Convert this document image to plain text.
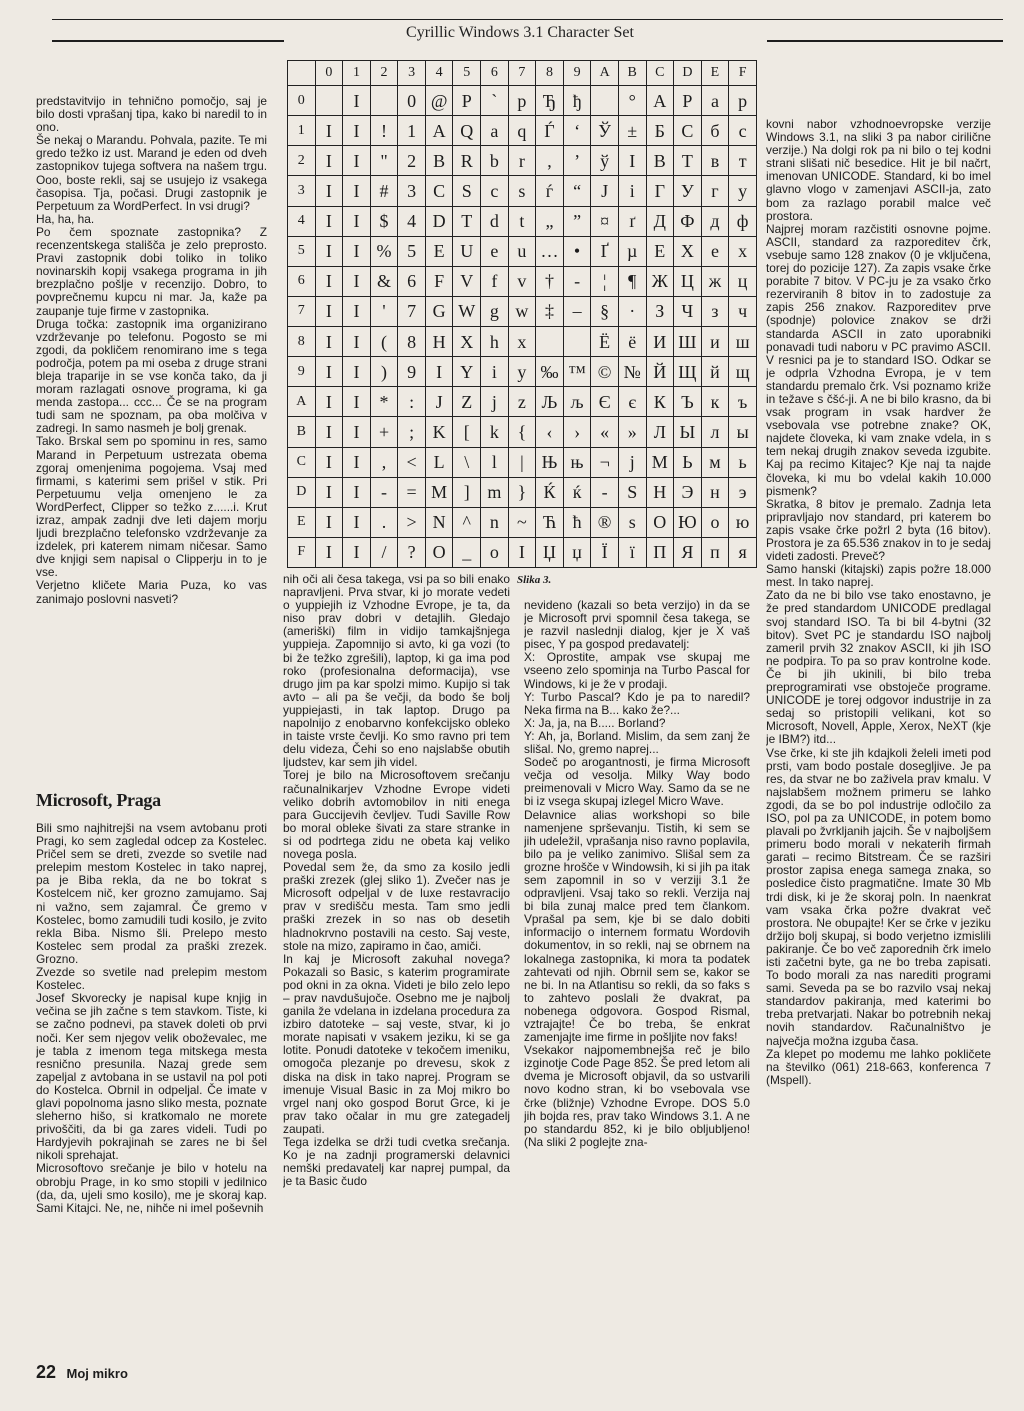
Cyrillic Windows 3.1 Character Set
	0	1	2	3	4	5	6	7	8	9	A	B	C	D	E	F
0		I		0	@	P	`	p	Ђ	ђ		°	А	Р	а	р
1	I	I	!	1	A	Q	a	q	Ѓ	‘	Ў	±	Б	С	б	с
2	I	I	"	2	B	R	b	r	,	’	ў	І	В	Т	в	т
3	I	I	#	3	C	S	c	s	ѓ	“	Ј	і	Г	У	г	у
4	I	I	$	4	D	T	d	t	„	”	¤	ґ	Д	Ф	д	ф
5	I	I	%	5	E	U	e	u	…	•	Ґ	µ	Е	Х	е	х
6	I	I	&	6	F	V	f	v	†	-	¦	¶	Ж	Ц	ж	ц
7	I	I	'	7	G	W	g	w	‡	–	§	·	З	Ч	з	ч
8	I	I	(	8	H	X	h	x			Ё	ё	И	Ш	и	ш
9	I	I	)	9	I	Y	i	y	‰	™	©	№	Й	Щ	й	щ
A	I	I	*	:	J	Z	j	z	Љ	љ	Є	є	К	Ъ	к	ъ
B	I	I	+	;	K	[	k	{	‹	›	«	»	Л	Ы	л	ы
C	I	I	,	<	L	\	l	|	Њ	њ	¬	ј	М	Ь	м	ь
D	I	I	-	=	M	]	m	}	Ќ	ќ	-	Ѕ	Н	Э	н	э
E	I	I	.	>	N	^	n	~	Ћ	ћ	®	ѕ	О	Ю	о	ю
F	I	I	/	?	O	_	o	I	Џ	џ	Ї	ї	П	Я	п	я
Slika 3.
predstavitvijo in tehnično pomočjo, saj je bilo dosti vprašanj tipa, kako bi naredil to in ono.
Še nekaj o Marandu. Pohvala, pazite. Te mi gredo težko iz ust. Marand je eden od dveh zastopnikov tujega softvera na našem trgu. Ooo, boste rekli, saj se usujejo iz vsakega časopisa. Tja, počasi. Drugi zastopnik je Perpetuum za WordPerfect. In vsi drugi?
Ha, ha, ha.
Po čem spoznate zastopnika? Z recenzentskega stališča je zelo preprosto. Pravi zastopnik dobi toliko in toliko novinarskih kopij vsakega programa in jih brezplačno pošlje v recenzijo. Dobro, to povprečnemu kupcu ni mar. Ja, kaže pa zaupanje tuje firme v zastopnika.
Druga točka: zastopnik ima organizirano vzdrževanje po telefonu. Pogosto se mi zgodi, da pokličem renomirano ime s tega področja, potem pa mi oseba z druge strani bleja traparije in se vse konča tako, da ji moram razlagati osnove programa, ki ga menda zastopa... ccc... Če se na program tudi sam ne spoznam, pa oba molčiva v zadregi. In samo nasmeh je bolj grenak.
Tako. Brskal sem po spominu in res, samo Marand in Perpetuum ustrezata obema zgoraj omenjenima pogojema. Vsaj med firmami, s katerimi sem prišel v stik. Pri Perpetuumu velja omenjeno le za WordPerfect, Clipper so težko z......i. Krut izraz, ampak zadnji dve leti dajem morju ljudi brezplačno telefonsko vzdrževanje za izdelek, pri katerem nimam ničesar. Samo dve knjigi sem napisal o Clipperju in to je vse.
Verjetno kličete Maria Puza, ko vas zanimajo poslovni nasveti?
Microsoft, Praga
Bili smo najhitrejši na vsem avtobanu proti Pragi, ko sem zagledal odcep za Kostelec. Pričel sem se dreti, zvezde so svetile nad prelepim mestom Kostelec in tako naprej, pa je Biba rekla, da ne bo tokrat s Kostelcem nič, ker grozno zamujamo. Saj ni važno, sem zajamral. Če gremo v Kostelec, bomo zamudili tudi kosilo, je zvito rekla Biba. Nismo šli. Prelepo mesto Kostelec sem prodal za praški zrezek. Grozno.
Zvezde so svetile nad prelepim mestom Kostelec.
Josef Skvorecky je napisal kupe knjig in večina se jih začne s tem stavkom. Tiste, ki se začno podnevi, pa stavek doleti ob prvi noči. Ker sem njegov velik oboževalec, me je tabla z imenom tega mitskega mesta resnično presunila. Nazaj grede sem zapeljal z avtobana in se ustavil na pol poti do Kostelca. Obrnil in odpeljal. Če imate v glavi popolnoma jasno sliko mesta, poznate sleherno hišo, si kratkomalo ne morete privoščiti, da bi ga zares videli. Tudi po Hardyjevih pokrajinah se zares ne bi šel nikoli sprehajat.
Microsoftovo srečanje je bilo v hotelu na obrobju Prage, in ko smo stopili v jedilnico (da, da, ujeli smo kosilo), me je skoraj kap. Sami Kitajci. Ne, ne, nihče ni imel poševnih
nih oči ali česa takega, vsi pa so bili enako napravljeni. Prva stvar, ki jo morate vedeti o yuppiejih iz Vzhodne Evrope, je ta, da niso prav dobri v detajlih. Gledajo (ameriški) film in vidijo tamkajšnjega yuppieja. Zapomnijo si avto, ki ga vozi (to bi že težko zgrešili), laptop, ki ga ima pod roko (profesionalna deformacija), vse drugo jim pa kar spolzi mimo. Kupijo si tak avto – ali pa še večji, da bodo še bolj yuppiejasti, in tak laptop. Drugo pa napolnijo z enobarvno konfekcijsko obleko in taiste vrste čevlji. Ko smo ravno pri tem delu videza, Čehi so eno najslabše obutih ljudstev, kar sem jih videl.
Torej je bilo na Microsoftovem srečanju računalnikarjev Vzhodne Evrope videti veliko dobrih avtomobilov in niti enega para Guccijevih čevljev. Tudi Saville Row bo moral obleke šivati za stare stranke in si od podrtega zidu ne obeta kaj veliko novega posla.
Povedal sem že, da smo za kosilo jedli praški zrezek (glej sliko 1). Zvečer nas je Microsoft odpeljal v de luxe restavracijo prav v središču mesta. Tam smo jedli praški zrezek in so nas ob desetih hladnokrvno postavili na cesto. Saj veste, stole na mizo, zapiramo in čao, amiči.
In kaj je Microsoft zakuhal novega? Pokazali so Basic, s katerim programirate pod okni in za okna. Videti je bilo zelo lepo – prav navdušujoče. Osebno me je najbolj ganila že vdelana in izdelana procedura za izbiro datoteke – saj veste, stvar, ki jo morate napisati v vsakem jeziku, ki se ga lotite. Ponudi datoteke v tekočem imeniku, omogoča plezanje po drevesu, skok z diska na disk in tako naprej. Program se imenuje Visual Basic in za Moj mikro bo vrgel nanj oko gospod Borut Grce, ki je prav tako očalar in mu gre zategadelj zaupati.
Tega izdelka se drži tudi cvetka srečanja. Ko je na zadnji programerski delavnici nemški predavatelj kar naprej pumpal, da je ta Basic čudo
nevideno (kazali so beta verzijo) in da se je Microsoft prvi spomnil česa takega, se je razvil naslednji dialog, kjer je X vaš pisec, Y pa gospod predavatelj:
X: Oprostite, ampak vse skupaj me vseeno zelo spominja na Turbo Pascal for Windows, ki je že v prodaji.
Y: Turbo Pascal? Kdo je pa to naredil? Neka firma na B... kako že?...
X: Ja, ja, na B..... Borland?
Y: Ah, ja, Borland. Mislim, da sem zanj že slišal. No, gremo naprej...
Sodeč po arogantnosti, je firma Microsoft večja od vesolja. Milky Way bodo preimenovali v Micro Way. Samo da se ne bi iz vsega skupaj izlegel Micro Wave.
Delavnice alias workshopi so bile namenjene sprševanju. Tistih, ki sem se jih udeležil, vprašanja niso ravno poplavila, bilo pa je veliko zanimivo. Slišal sem za grozne hrošče v Windowsih, ki si jih pa itak sem zapomnil in so v verziji 3.1 že odpravljeni. Vsaj tako so rekli. Verzija naj bi bila zunaj malce pred tem člankom. Vprašal pa sem, kje bi se dalo dobiti informacijo o internem formatu Wordovih dokumentov, in so rekli, naj se obrnem na lokalnega zastopnika, ki mora ta podatek zahtevati od njih. Obrnil sem se, kakor se ne bi. In na Atlantisu so rekli, da so faks s to zahtevo poslali že dvakrat, pa nobenega odgovora. Gospod Rismal, vztrajajte! Če bo treba, še enkrat zamenjajte ime firme in pošljite nov faks!
Vsekakor najpomembnejša reč je bilo izginotje Code Page 852. Še pred letom ali dvema je Microsoft objavil, da so ustvarili novo kodno stran, ki bo vsebovala vse črke (bližnje) Vzhodne Evrope. DOS 5.0 jih bojda res, prav tako Windows 3.1. A ne po standardu 852, ki je bilo obljubljeno! (Na sliki 2 poglejte zna-
kovni nabor vzhodnoevropske verzije Windows 3.1, na sliki 3 pa nabor cirilične verzije.) Na dolgi rok pa ni bilo o tej kodni strani slišati nič besedice. Hit je bil načrt, imenovan UNICODE. Standard, ki bo imel glavno vlogo v zamenjavi ASCII-ja, zato bom za razlago porabil malce več prostora.
Najprej moram razčistiti osnovne pojme. ASCII, standard za razporeditev črk, vsebuje samo 128 znakov (0 je vključena, torej do pozicije 127). Za zapis vsake črke porabite 7 bitov. V PC-ju je za vsako črko rezerviranih 8 bitov in to zadostuje za zapis 256 znakov. Razporeditev prve (spodnje) polovice znakov se drži standarda ASCII in zato uporabniki ponavadi tudi naboru v PC pravimo ASCII. V resnici pa je to standard ISO. Odkar se je odprla Vzhodna Evropa, je v tem standardu premalo črk. Vsi poznamo križe in težave s čšć-ji. A ne bi bilo krasno, da bi vsak program in vsak hardver že vsebovala vse potrebne znake? OK, najdete človeka, ki vam znake vdela, in s tem nekaj drugih znakov seveda izgubite. Kaj pa recimo Kitajec? Kje naj ta najde človeka, ki mu bo vdelal kakih 10.000 pismenk?
Skratka, 8 bitov je premalo. Zadnja leta pripravljajo nov standard, pri katerem bo zapis vsake črke požrl 2 byta (16 bitov). Prostora je za 65.536 znakov in to je sedaj videti zadosti. Preveč?
Samo hanski (kitajski) zapis požre 18.000 mest. In tako naprej.
Zato da ne bi bilo vse tako enostavno, je že pred standardom UNICODE predlagal svoj standard ISO. Ta bi bil 4-bytni (32 bitov). Svet PC je standardu ISO najbolj zameril prvih 32 znakov ASCII, ki jih ISO ne podpira. To pa so prav kontrolne kode. Če bi jih ukinili, bi bilo treba preprogramirati vse obstoječe programe. UNICODE je torej odgovor industrije in za sedaj so pristopili velikani, kot so Microsoft, Novell, Apple, Xerox, NeXT (kje je IBM?) itd...
Vse črke, ki ste jih kdajkoli želeli imeti pod prsti, vam bodo postale dosegljive. Je pa res, da stvar ne bo zaživela prav kmalu. V najslabšem možnem primeru se lahko zgodi, da se bo pol industrije odločilo za ISO, pol pa za UNICODE, in potem bomo plavali po žvrkljanih jajcih. Še v najboljšem primeru bodo morali v nekaterih firmah garati – recimo Bitstream. Če se razširi prostor zapisa enega samega znaka, so posledice čisto pragmatične. Imate 30 Mb trdi disk, ki je že skoraj poln. In naenkrat vam vsaka črka požre dvakrat več prostora. Ne obupajte! Ker se črke v jeziku držijo bolj skupaj, si bodo verjetno izmislili pakiranje. Če bo več zaporednih črk imelo isti začetni byte, ga ne bo treba zapisati. To bodo morali za nas narediti programi sami. Seveda pa se bo razvilo vsaj nekaj standardov pakiranja, med katerimi bo treba pretvarjati. Nakar bo potrebnih nekaj novih standardov. Računalništvo je največja možna izguba časa.
Za klepet po modemu me lahko pokličete na številko (061) 218-663, konferenca 7 (Mspell).
22 Moj mikro
